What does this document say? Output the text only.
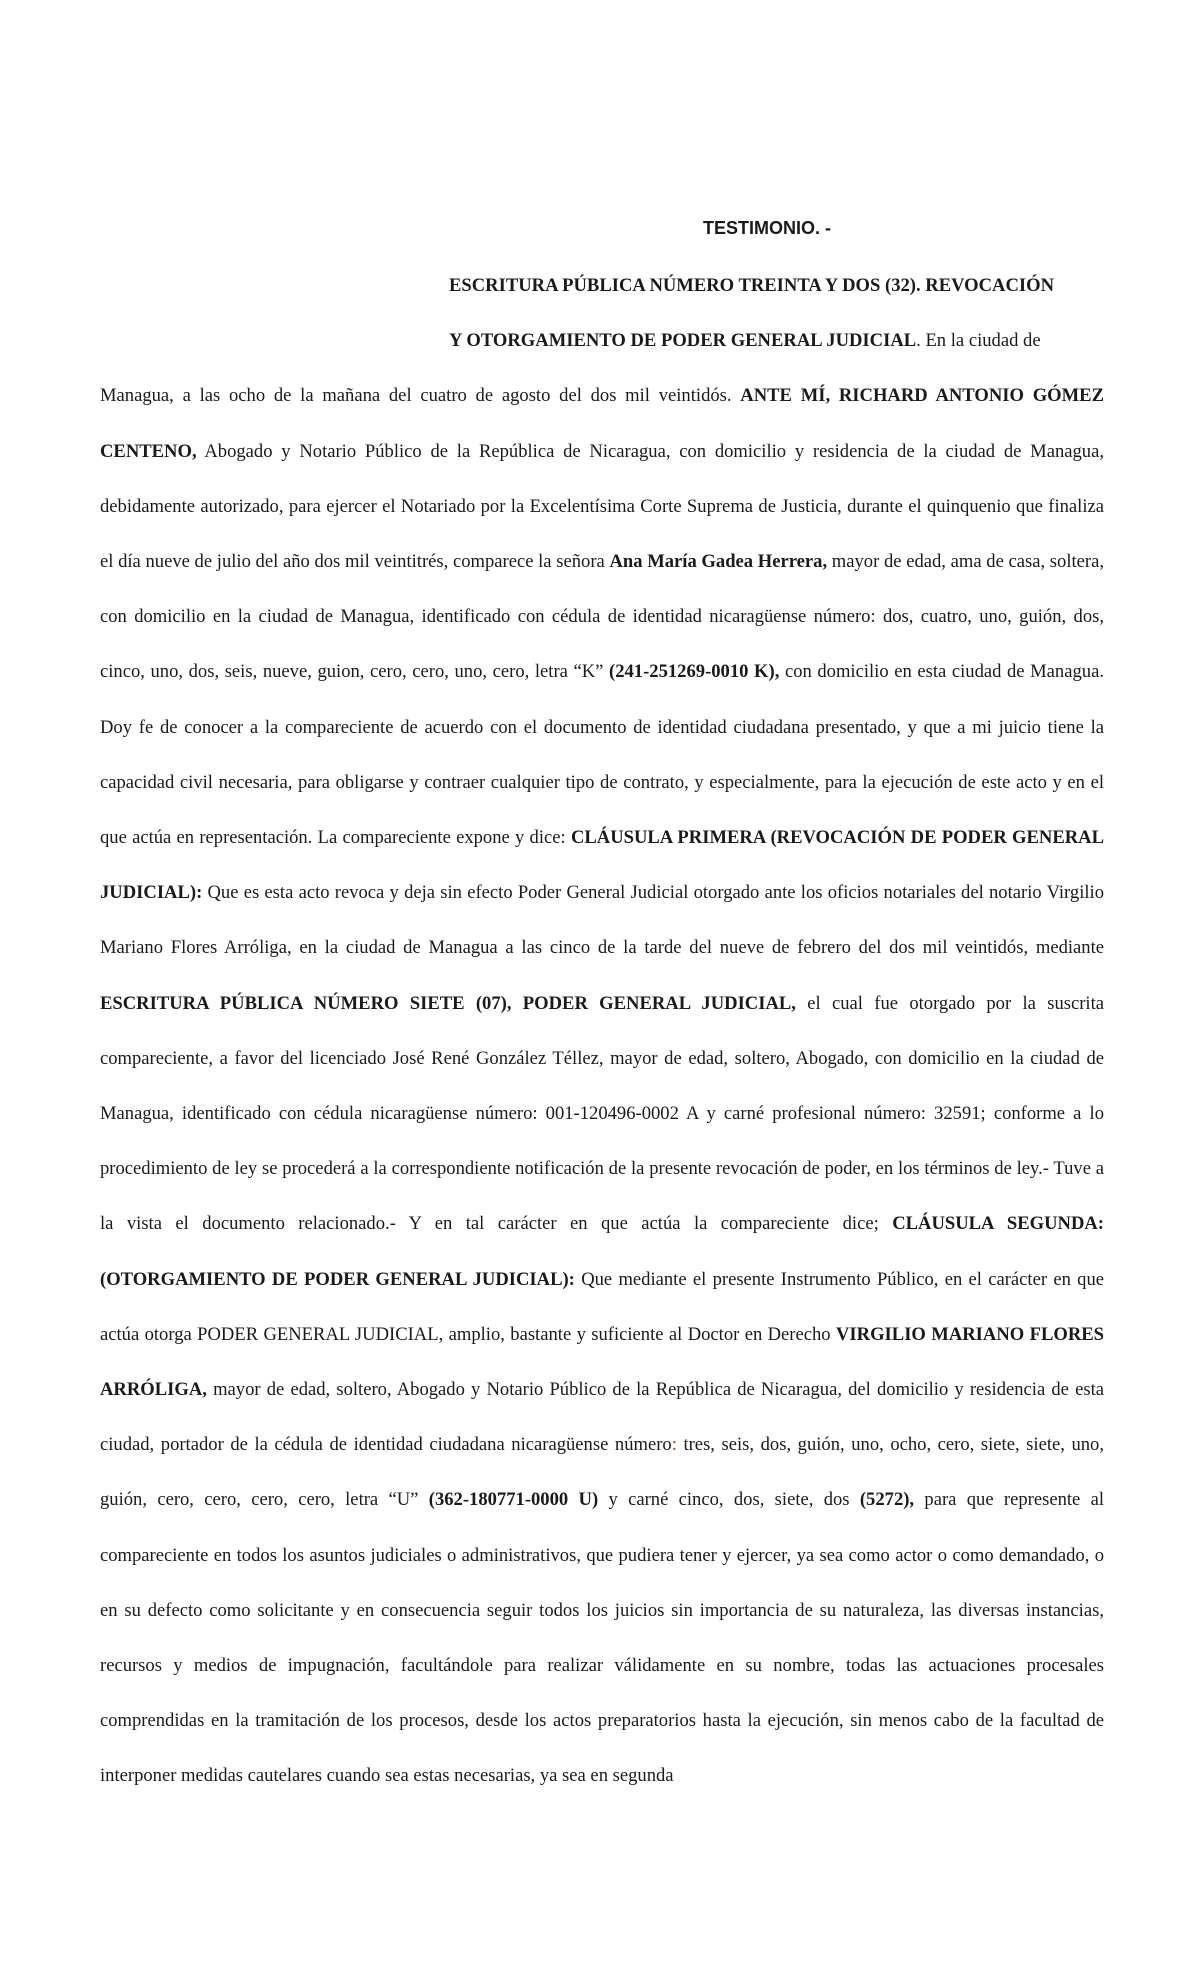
TESTIMONIO. -

ESCRITURA PÚBLICA NÚMERO TREINTA Y DOS (32). REVOCACIÓN
Y OTORGAMIENTO DE PODER GENERAL JUDICIAL. En la ciudad de
Managua, a las ocho de la mañana del cuatro de agosto del dos mil veintidós. ANTE MÍ, RICHARD ANTONIO GÓMEZ CENTENO, Abogado y Notario Público de la República de Nicaragua, con domicilio y residencia de la ciudad de Managua, debidamente autorizado, para ejercer el Notariado por la Excelentísima Corte Suprema de Justicia, durante el quinquenio que finaliza el día nueve de julio del año dos mil veintitrés, comparece la señora Ana María Gadea Herrera, mayor de edad, ama de casa, soltera, con domicilio en la ciudad de Managua, identificado con cédula de identidad nicaragüense número: dos, cuatro, uno, guión, dos, cinco, uno, dos, seis, nueve, guion, cero, cero, uno, cero, letra “K” (241-251269-0010 K), con domicilio en esta ciudad de Managua. Doy fe de conocer a la compareciente de acuerdo con el documento de identidad ciudadana presentado, y que a mi juicio tiene la capacidad civil necesaria, para obligarse y contraer cualquier tipo de contrato, y especialmente, para la ejecución de este acto y en el que actúa en representación. La compareciente expone y dice: CLÁUSULA PRIMERA (REVOCACIÓN DE PODER GENERAL JUDICIAL): Que es esta acto revoca y deja sin efecto Poder General Judicial otorgado ante los oficios notariales del notario Virgilio Mariano Flores Arróliga, en la ciudad de Managua a las cinco de la tarde del nueve de febrero del dos mil veintidós, mediante ESCRITURA PÚBLICA NÚMERO SIETE (07), PODER GENERAL JUDICIAL, el cual fue otorgado por la suscrita compareciente, a favor del licenciado José René González Téllez, mayor de edad, soltero, Abogado, con domicilio en la ciudad de Managua, identificado con cédula nicaragüense número: 001-120496-0002 A y carné profesional número: 32591; conforme a lo procedimiento de ley se procederá a la correspondiente notificación de la presente revocación de poder, en los términos de ley.- Tuve a la vista el documento relacionado.- Y en tal carácter en que actúa la compareciente dice; CLÁUSULA SEGUNDA: (OTORGAMIENTO DE PODER GENERAL JUDICIAL): Que mediante el presente Instrumento Público, en el carácter en que actúa otorga PODER GENERAL JUDICIAL, amplio, bastante y suficiente al Doctor en Derecho VIRGILIO MARIANO FLORES ARRÓLIGA, mayor de edad, soltero, Abogado y Notario Público de la República de Nicaragua, del domicilio y residencia de esta ciudad, portador de la cédula de identidad ciudadana nicaragüense número: tres, seis, dos, guión, uno, ocho, cero, siete, siete, uno, guión, cero, cero, cero, cero, letra “U” (362-180771-0000 U) y carné cinco, dos, siete, dos (5272), para que represente al compareciente en todos los asuntos judiciales o administrativos, que pudiera tener y ejercer, ya sea como actor o como demandado, o en su defecto como solicitante y en consecuencia seguir todos los juicios sin importancia de su naturaleza, las diversas instancias, recursos y medios de impugnación, facultándole para realizar válidamente en su nombre, todas las actuaciones procesales comprendidas en la tramitación de los procesos, desde los actos preparatorios hasta la ejecución, sin menos cabo de la facultad de interponer medidas cautelares cuando sea estas necesarias, ya sea en segunda
